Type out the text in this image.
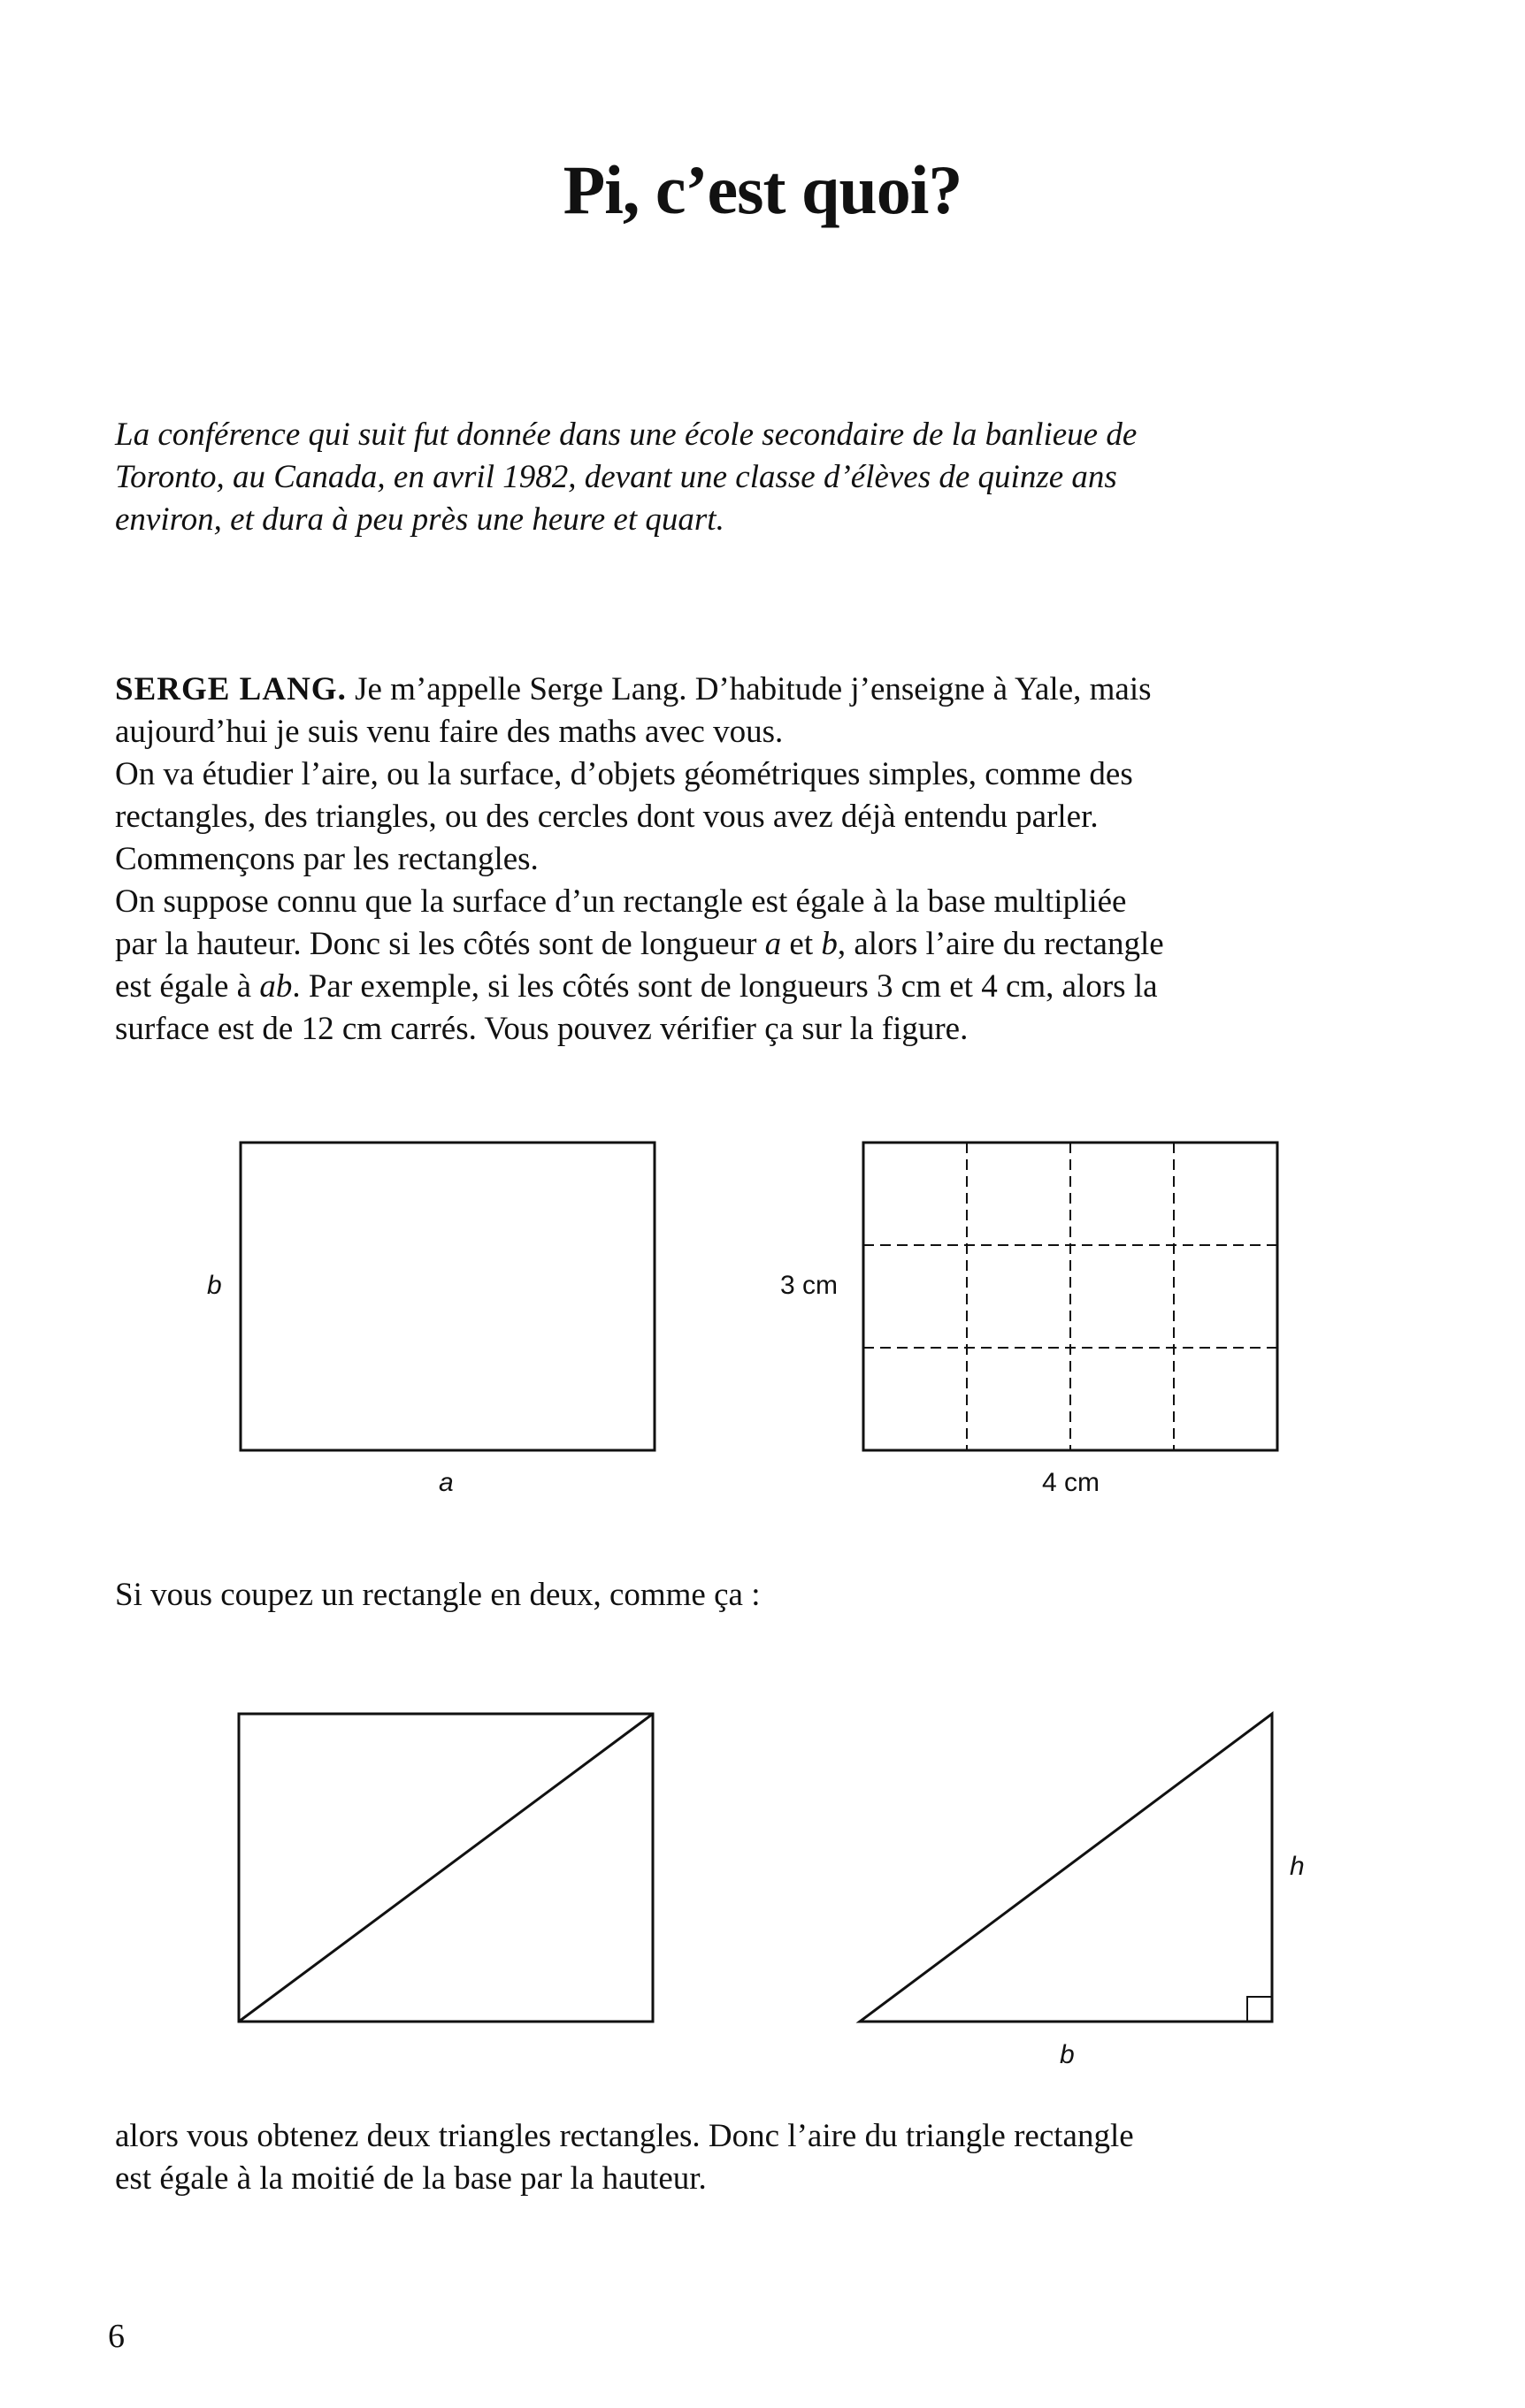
Pi, c’est quoi?

La conférence qui suit fut donnée dans une école secondaire de la banlieue de
Toronto, au Canada, en avril 1982, devant une classe d’élèves de quinze ans
environ, et dura à peu près une heure et quart.

SERGE LANG. Je m’appelle Serge Lang. D’habitude j’enseigne à Yale, mais
aujourd’hui je suis venu faire des maths avec vous.
On va étudier l’aire, ou la surface, d’objets géométriques simples, comme des
rectangles, des triangles, ou des cercles dont vous avez déjà entendu parler.
Commençons par les rectangles.
On suppose connu que la surface d’un rectangle est égale à la base multipliée
par la hauteur. Donc si les côtés sont de longueur a et b, alors l’aire du rectangle
est égale à ab. Par exemple, si les côtés sont de longueurs 3 cm et 4 cm, alors la
surface est de 12 cm carrés. Vous pouvez vérifier ça sur la figure.

b
a
3 cm
4 cm

Si vous coupez un rectangle en deux, comme ça :

h
b

alors vous obtenez deux triangles rectangles. Donc l’aire du triangle rectangle
est égale à la moitié de la base par la hauteur.

6
